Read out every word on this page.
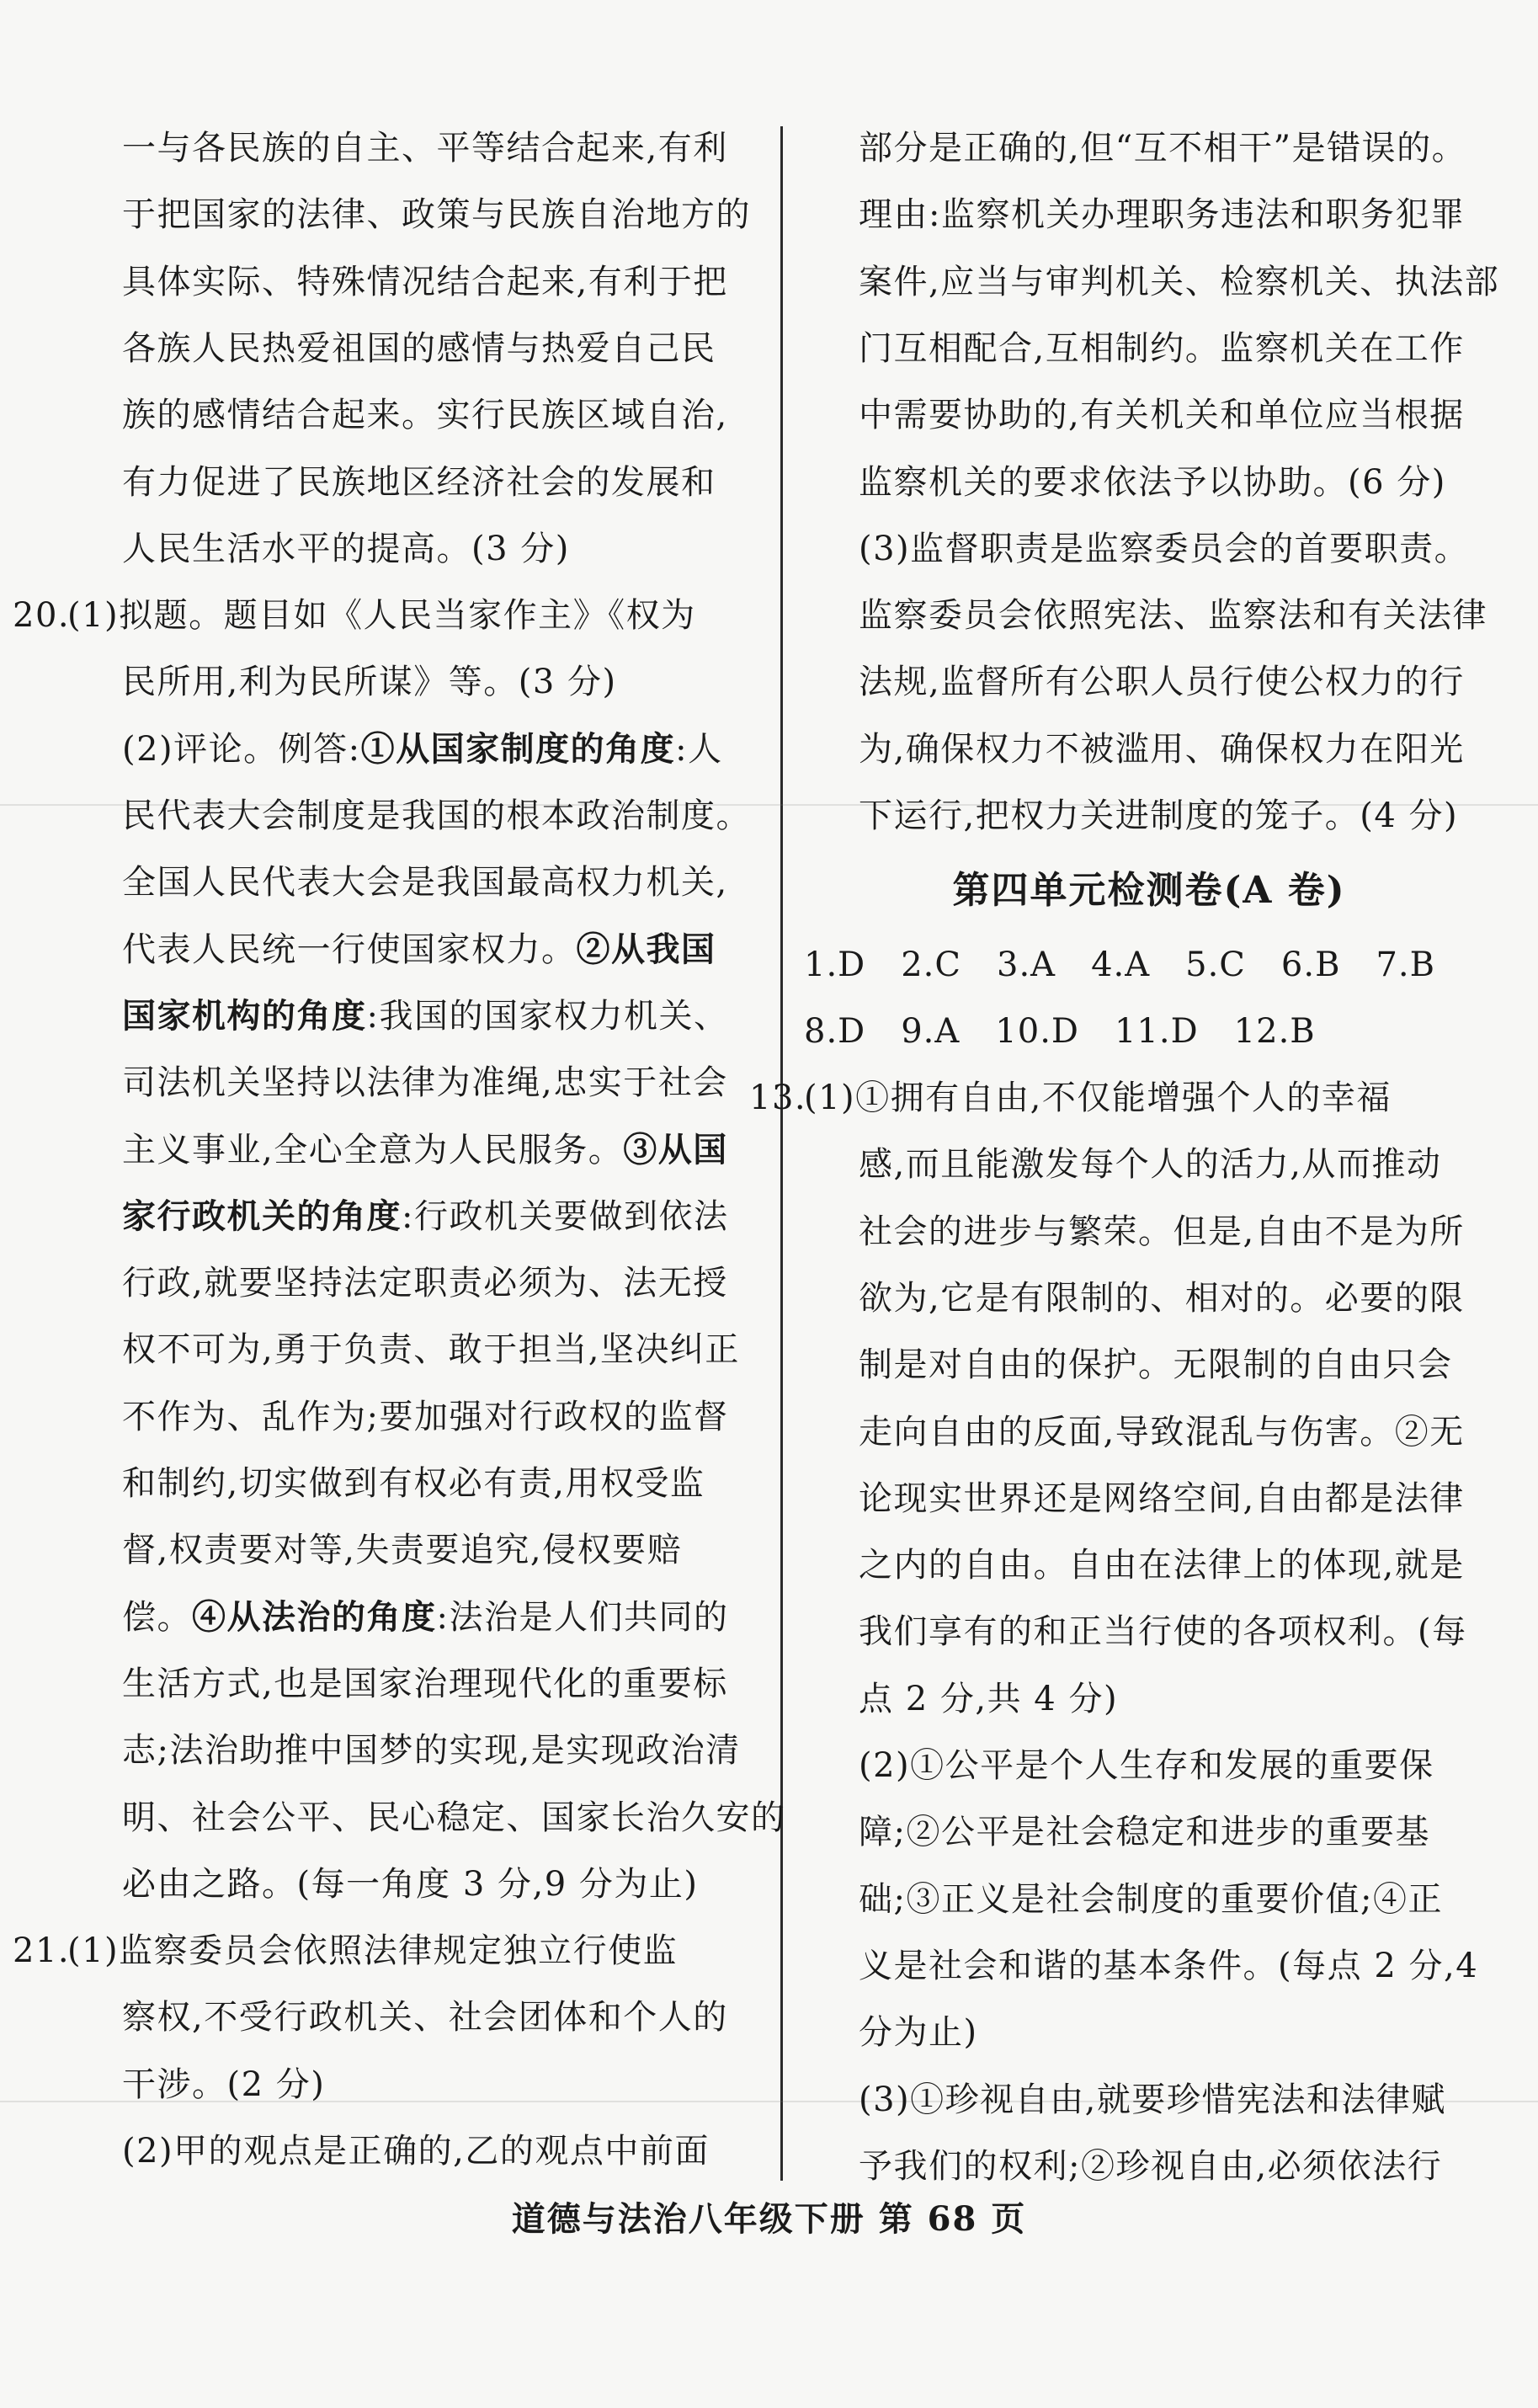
一与各民族的自主、平等结合起来,有利
于把国家的法律、政策与民族自治地方的
具体实际、特殊情况结合起来,有利于把
各族人民热爱祖国的感情与热爱自己民
族的感情结合起来。实行民族区域自治,
有力促进了民族地区经济社会的发展和
人民生活水平的提高。(3 分)
20.(1)拟题。题目如《人民当家作主》《权为
民所用,利为民所谋》等。(3 分)
(2)评论。例答:①从国家制度的角度:人
民代表大会制度是我国的根本政治制度。
全国人民代表大会是我国最高权力机关,
代表人民统一行使国家权力。②从我国
国家机构的角度:我国的国家权力机关、
司法机关坚持以法律为准绳,忠实于社会
主义事业,全心全意为人民服务。③从国
家行政机关的角度:行政机关要做到依法
行政,就要坚持法定职责必须为、法无授
权不可为,勇于负责、敢于担当,坚决纠正
不作为、乱作为;要加强对行政权的监督
和制约,切实做到有权必有责,用权受监
督,权责要对等,失责要追究,侵权要赔
偿。④从法治的角度:法治是人们共同的
生活方式,也是国家治理现代化的重要标
志;法治助推中国梦的实现,是实现政治清
明、社会公平、民心稳定、国家长治久安的
必由之路。(每一角度 3 分,9 分为止)
21.(1)监察委员会依照法律规定独立行使监
察权,不受行政机关、社会团体和个人的
干涉。(2 分)
(2)甲的观点是正确的,乙的观点中前面
第四单元检测卷(A 卷)
1.D 2.C 3.A 4.A 5.C 6.B 7.B
8.D 9.A 10.D 11.D 12.B
部分是正确的,但“互不相干”是错误的。
理由:监察机关办理职务违法和职务犯罪
案件,应当与审判机关、检察机关、执法部
门互相配合,互相制约。监察机关在工作
中需要协助的,有关机关和单位应当根据
监察机关的要求依法予以协助。(6 分)
(3)监督职责是监察委员会的首要职责。
监察委员会依照宪法、监察法和有关法律
法规,监督所有公职人员行使公权力的行
为,确保权力不被滥用、确保权力在阳光
下运行,把权力关进制度的笼子。(4 分)
13.(1)①拥有自由,不仅能增强个人的幸福
感,而且能激发每个人的活力,从而推动
社会的进步与繁荣。但是,自由不是为所
欲为,它是有限制的、相对的。必要的限
制是对自由的保护。无限制的自由只会
走向自由的反面,导致混乱与伤害。②无
论现实世界还是网络空间,自由都是法律
之内的自由。自由在法律上的体现,就是
我们享有的和正当行使的各项权利。(每
点 2 分,共 4 分)
(2)①公平是个人生存和发展的重要保
障;②公平是社会稳定和进步的重要基
础;③正义是社会制度的重要价值;④正
义是社会和谐的基本条件。(每点 2 分,4
分为止)
(3)①珍视自由,就要珍惜宪法和法律赋
予我们的权利;②珍视自由,必须依法行
道德与法治八年级下册 第 68 页
